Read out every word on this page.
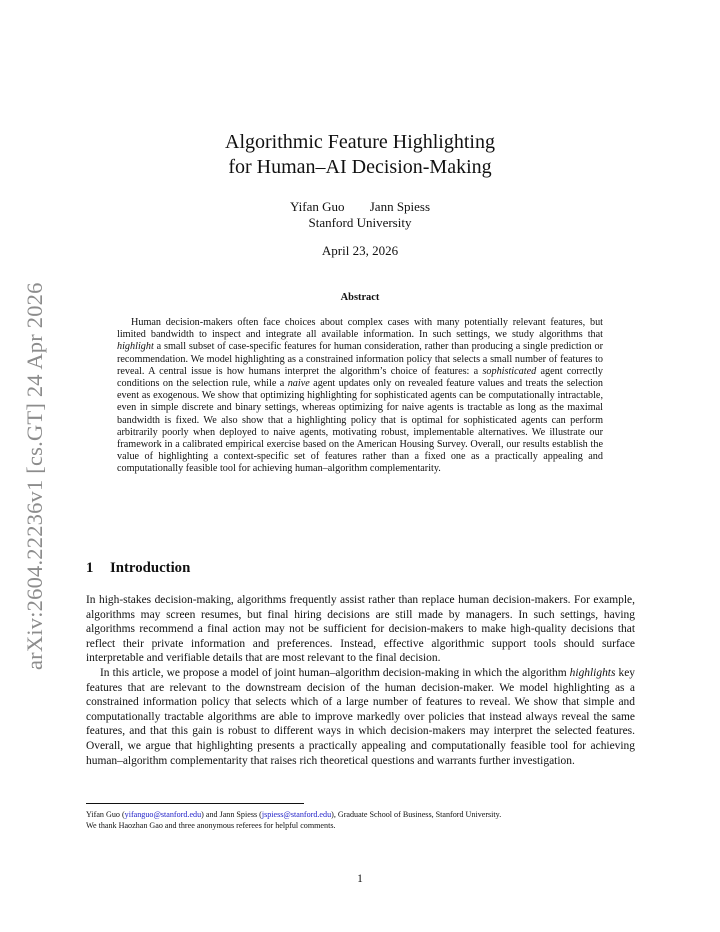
arXiv:2604.22236v1 [cs.GT] 24 Apr 2026
Algorithmic Feature Highlighting
for Human–AI Decision-Making
Yifan Guo Jann Spiess
Stanford University
April 23, 2026
Abstract

Human decision-makers often face choices about complex cases with many potentially relevant features, but limited bandwidth to inspect and integrate all available information. In such settings, we study algorithms that highlight a small subset of case-specific features for human consideration, rather than producing a single prediction or recommendation. We model highlighting as a constrained information policy that selects a small number of features to reveal. A central issue is how humans interpret the algorithm’s choice of features: a sophisticated agent correctly conditions on the selection rule, while a naive agent updates only on revealed feature values and treats the selection event as exogenous. We show that optimizing highlighting for sophisticated agents can be computationally intractable, even in simple discrete and binary settings, whereas optimizing for naive agents is tractable as long as the maximal bandwidth is fixed. We also show that a highlighting policy that is optimal for sophisticated agents can perform arbitrarily poorly when deployed to naive agents, motivating robust, implementable alternatives. We illustrate our framework in a calibrated empirical exercise based on the American Housing Survey. Overall, our results establish the value of highlighting a context-specific set of features rather than a fixed one as a practically appealing and computationally feasible tool for achieving human–algorithm complementarity.

1 Introduction

In high-stakes decision-making, algorithms frequently assist rather than replace human decision-makers. For example, algorithms may screen resumes, but final hiring decisions are still made by managers. In such settings, having algorithms recommend a final action may not be sufficient for decision-makers to make high-quality decisions that reflect their private information and preferences. Instead, effective algorithmic support tools should surface interpretable and verifiable details that are most relevant to the final decision.

In this article, we propose a model of joint human–algorithm decision-making in which the algorithm highlights key features that are relevant to the downstream decision of the human decision-maker. We model highlighting as a constrained information policy that selects which of a large number of features to reveal. We show that simple and computationally tractable algorithms are able to improve markedly over policies that instead always reveal the same features, and that this gain is robust to different ways in which decision-makers may interpret the selected features. Overall, we argue that highlighting presents a practically appealing and computationally feasible tool for achieving human–algorithm complementarity that raises rich theoretical questions and warrants further investigation.

Yifan Guo (yifanguo@stanford.edu) and Jann Spiess (jspiess@stanford.edu), Graduate School of Business, Stanford University.

We thank Haozhan Gao and three anonymous referees for helpful comments.

1
